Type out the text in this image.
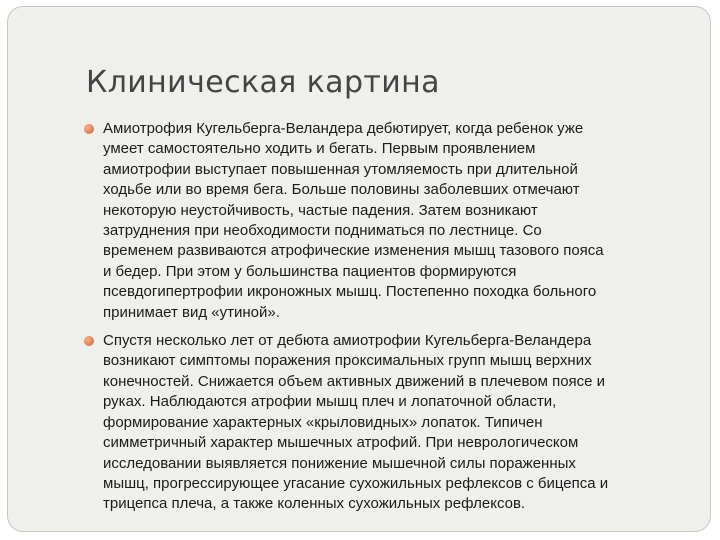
Клиническая картина
Амиотрофия Кугельберга-Веландера дебютирует, когда ребенок уже
умеет самостоятельно ходить и бегать. Первым проявлением
амиотрофии выступает повышенная утомляемость при длительной
ходьбе или во время бега. Больше половины заболевших отмечают
некоторую неустойчивость, частые падения. Затем возникают
затруднения при необходимости подниматься по лестнице. Со
временем развиваются атрофические изменения мышц тазового пояса
и бедер. При этом у большинства пациентов формируются
псевдогипертрофии икроножных мышц. Постепенно походка больного
принимает вид «утиной».
Спустя несколько лет от дебюта амиотрофии Кугельберга-Веландера
возникают симптомы поражения проксимальных групп мышц верхних
конечностей. Снижается объем активных движений в плечевом поясе и
руках. Наблюдаются атрофии мышц плеч и лопаточной области,
формирование характерных «крыловидных» лопаток. Типичен
симметричный характер мышечных атрофий. При неврологическом
исследовании выявляется понижение мышечной силы пораженных
мышц, прогрессирующее угасание сухожильных рефлексов с бицепса и
трицепса плеча, а также коленных сухожильных рефлексов.
